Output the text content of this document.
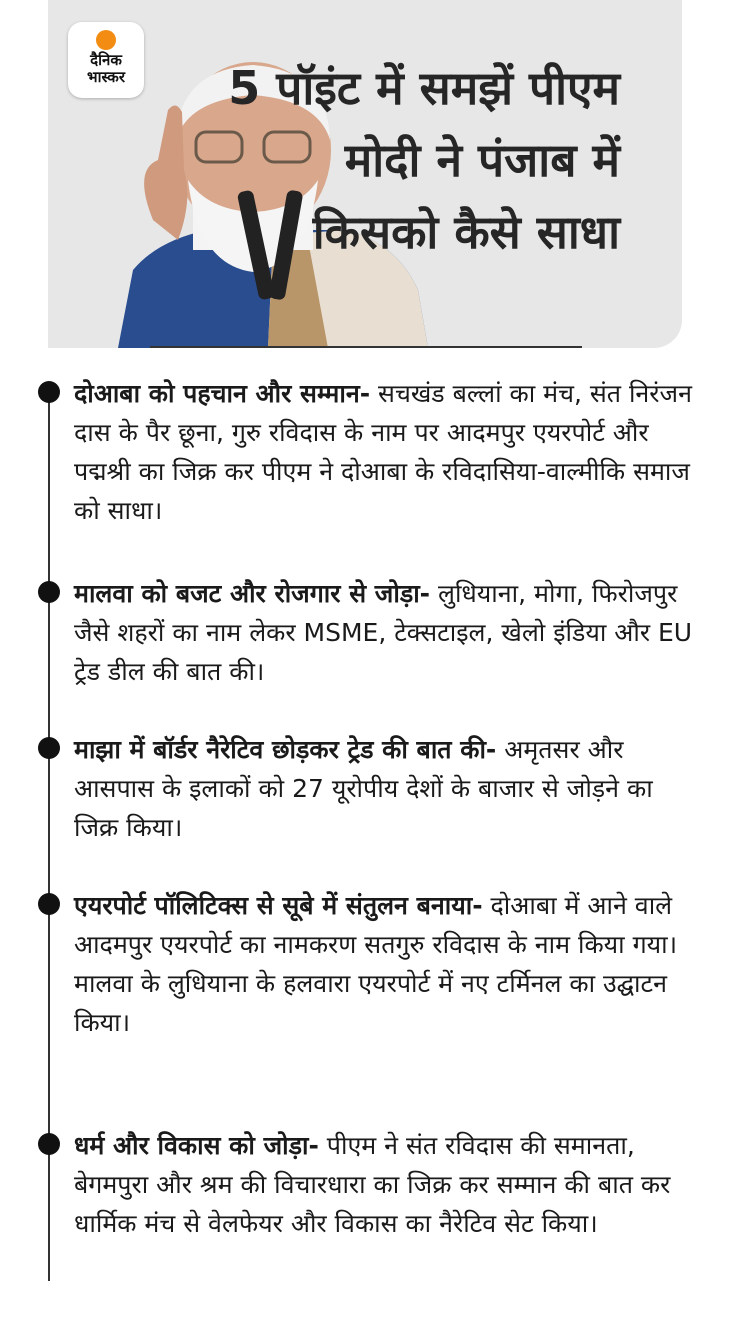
दैनिक
भास्कर	5 पॉइंट में समझें पीएम मोदी ने पंजाब में किसको कैसे साधा

दोआबा को पहचान और सम्मान- सचखंड बल्लां का मंच, संत निरंजन दास के पैर छूना, गुरु रविदास के नाम पर आदमपुर एयरपोर्ट और पद्मश्री का जिक्र कर पीएम ने दोआबा के रविदासिया-वाल्मीकि समाज को साधा।

मालवा को बजट और रोजगार से जोड़ा- लुधियाना, मोगा, फिरोजपुर जैसे शहरों का नाम लेकर MSME, टेक्सटाइल, खेलो इंडिया और EU ट्रेड डील की बात की।

माझा में बॉर्डर नैरेटिव छोड़कर ट्रेड की बात की- अमृतसर और आसपास के इलाकों को 27 यूरोपीय देशों के बाजार से जोड़ने का जिक्र किया।

एयरपोर्ट पॉलिटिक्स से सूबे में संतुलन बनाया- दोआबा में आने वाले आदमपुर एयरपोर्ट का नामकरण सतगुरु रविदास के नाम किया गया। मालवा के लुधियाना के हलवारा एयरपोर्ट में नए टर्मिनल का उद्घाटन किया।

धर्म और विकास को जोड़ा- पीएम ने संत रविदास की समानता, बेगमपुरा और श्रम की विचारधारा का जिक्र कर सम्मान की बात कर धार्मिक मंच से वेलफेयर और विकास का नैरेटिव सेट किया।
